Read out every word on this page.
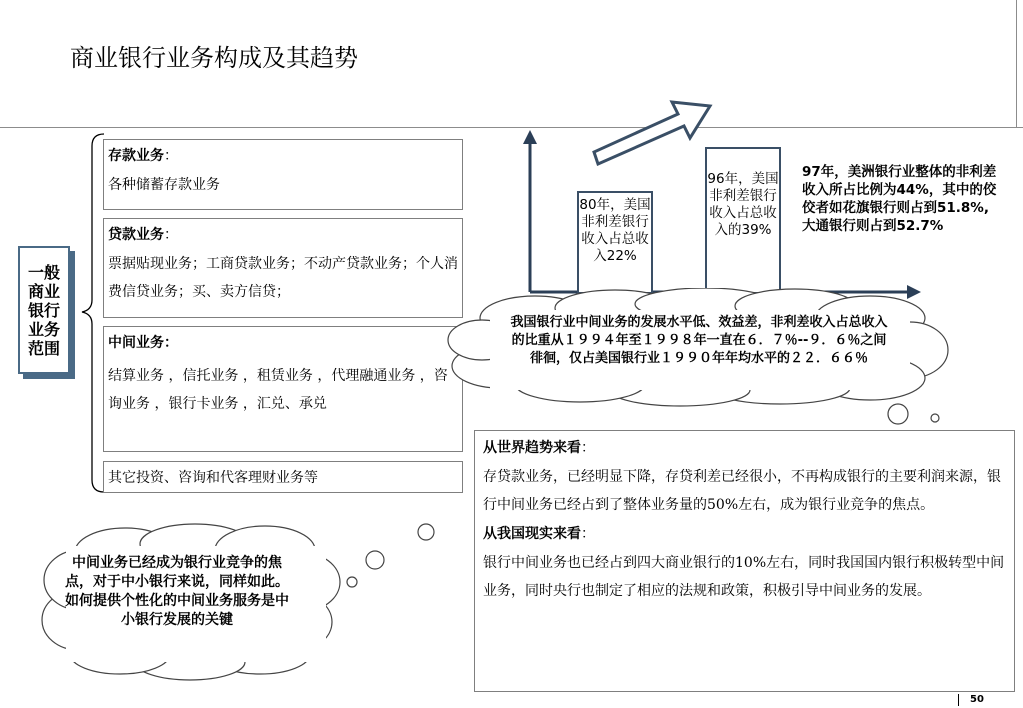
商业银行业务构成及其趋势
一般商业银行业务范围
存款业务：
各种储蓄存款业务
贷款业务：
票据贴现业务；工商贷款业务；不动产贷款业务；个人消费信贷业务；买、卖方信贷；
中间业务：
结算业务 ，信托业务 ，租赁业务 ，代理融通业务 ，咨询业务 ，银行卡业务 ，汇兑、承兑
其它投资、咨询和代客理财业务等
80年，美国非利差银行收入占总收入22%
96年，美国非利差银行收入占总收入的39%
97年，美洲银行业整体的非利差收入所占比例为44%，其中的佼佼者如花旗银行则占到51.8%,大通银行则占到52.7%
我国银行业中间业务的发展水平低、效益差，非利差收入占总收入的比重从１９９４年至１９９８年一直在６．７％--９．６％之间徘徊，仅占美国银行业１９９０年年均水平的２２．６６％
中间业务已经成为银行业竞争的焦点，对于中小银行来说，同样如此。如何提供个性化的中间业务服务是中小银行发展的关键
从世界趋势来看：
存贷款业务，已经明显下降，存贷利差已经很小，不再构成银行的主要利润来源，银行中间业务已经占到了整体业务量的50%左右，成为银行业竞争的焦点。
从我国现实来看：
银行中间业务也已经占到四大商业银行的10%左右，同时我国国内银行积极转型中间业务，同时央行也制定了相应的法规和政策，积极引导中间业务的发展。
50
